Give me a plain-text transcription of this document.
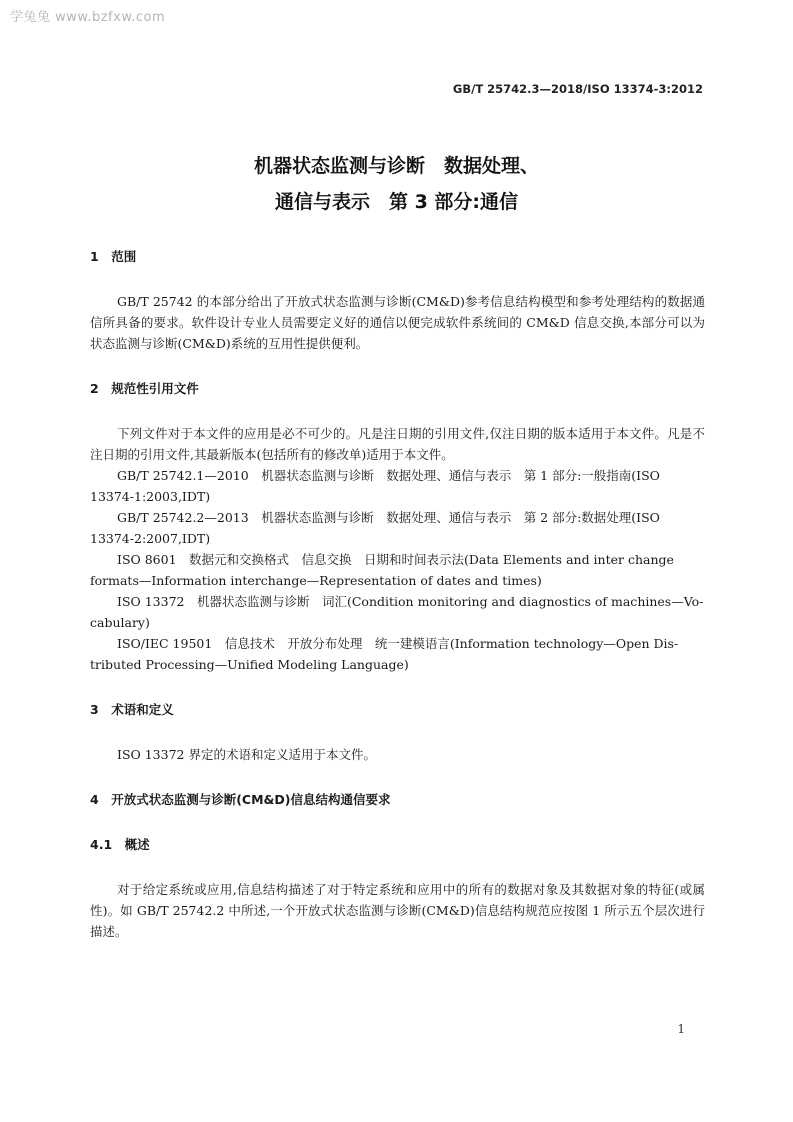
学兔兔 www.bzfxw.com
GB/T 25742.3—2018/ISO 13374-3:2012
机器状态监测与诊断　数据处理、
通信与表示　第 3 部分:通信
1　范围

GB/T 25742 的本部分给出了开放式状态监测与诊断(CM&D)参考信息结构模型和参考处理结构的数据通信所具备的要求。软件设计专业人员需要定义好的通信以便完成软件系统间的 CM&D 信息交换,本部分可以为状态监测与诊断(CM&D)系统的互用性提供便利。

2　规范性引用文件

下列文件对于本文件的应用是必不可少的。凡是注日期的引用文件,仅注日期的版本适用于本文件。凡是不注日期的引用文件,其最新版本(包括所有的修改单)适用于本文件。

GB/T 25742.1—2010　机器状态监测与诊断　数据处理、通信与表示　第 1 部分:一般指南(ISO
13374-1:2003,IDT)
GB/T 25742.2—2013　机器状态监测与诊断　数据处理、通信与表示　第 2 部分:数据处理(ISO
13374-2:2007,IDT)
ISO 8601　数据元和交换格式　信息交换　日期和时间表示法(Data Elements and inter change
formats—Information interchange—Representation of dates and times)
ISO 13372　机器状态监测与诊断　词汇(Condition monitoring and diagnostics of machines—Vo-
cabulary)
ISO/IEC 19501　信息技术　开放分布处理　统一建模语言(Information technology—Open Dis-
tributed Processing—Unified Modeling Language)
3　术语和定义

ISO 13372 界定的术语和定义适用于本文件。

4　开放式状态监测与诊断(CM&D)信息结构通信要求
4.1　概述

对于给定系统或应用,信息结构描述了对于特定系统和应用中的所有的数据对象及其数据对象的特征(或属性)。如 GB/T 25742.2 中所述,一个开放式状态监测与诊断(CM&D)信息结构规范应按图 1 所示五个层次进行描述。

1
